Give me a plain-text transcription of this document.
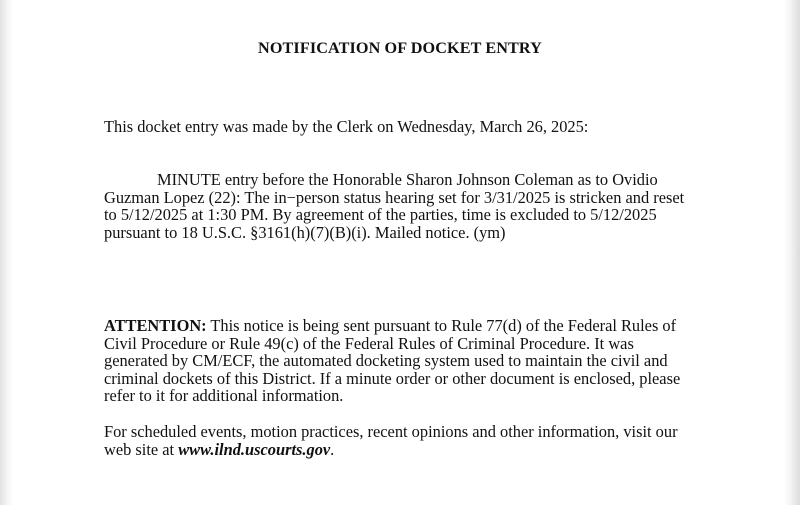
NOTIFICATION OF DOCKET ENTRY
This docket entry was made by the Clerk on Wednesday, March 26, 2025:
MINUTE entry before the Honorable Sharon Johnson Coleman as to Ovidio
Guzman Lopez (22): The in−person status hearing set for 3/31/2025 is stricken and reset
to 5/12/2025 at 1:30 PM. By agreement of the parties, time is excluded to 5/12/2025
pursuant to 18 U.S.C. §3161(h)(7)(B)(i). Mailed notice. (ym)
ATTENTION: This notice is being sent pursuant to Rule 77(d) of the Federal Rules of
Civil Procedure or Rule 49(c) of the Federal Rules of Criminal Procedure. It was
generated by CM/ECF, the automated docketing system used to maintain the civil and
criminal dockets of this District. If a minute order or other document is enclosed, please
refer to it for additional information.
For scheduled events, motion practices, recent opinions and other information, visit our
web site at www.ilnd.uscourts.gov.
